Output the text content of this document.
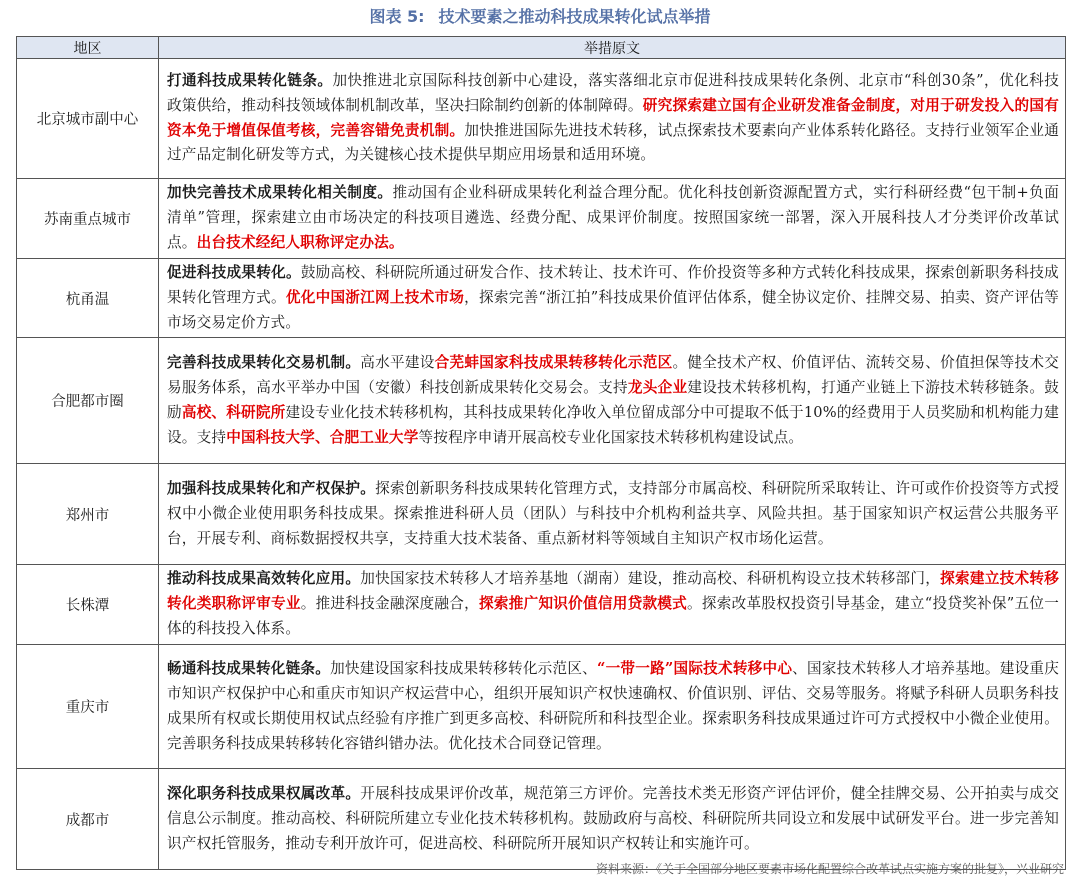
图表 5: 技术要素之推动科技成果转化试点举措
地区	举措原文
北京城市副中心	打通科技成果转化链条。加快推进北京国际科技创新中心建设，落实落细北京市促进科技成果转化条例、北京市“科创30条”，优化科技政策供给，推动科技领域体制机制改革，坚决扫除制约创新的体制障碍。研究探索建立国有企业研发准备金制度，对用于研发投入的国有资本免于增值保值考核，完善容错免责机制。加快推进国际先进技术转移，试点探索技术要素向产业体系转化路径。支持行业领军企业通过产品定制化研发等方式，为关键核心技术提供早期应用场景和适用环境。
苏南重点城市	加快完善技术成果转化相关制度。推动国有企业科研成果转化利益合理分配。优化科技创新资源配置方式，实行科研经费“包干制+负面清单”管理，探索建立由市场决定的科技项目遴选、经费分配、成果评价制度。按照国家统一部署，深入开展科技人才分类评价改革试点。出台技术经纪人职称评定办法。
杭甬温	促进科技成果转化。鼓励高校、科研院所通过研发合作、技术转让、技术许可、作价投资等多种方式转化科技成果，探索创新职务科技成果转化管理方式。优化中国浙江网上技术市场，探索完善“浙江拍”科技成果价值评估体系，健全协议定价、挂牌交易、拍卖、资产评估等市场交易定价方式。
合肥都市圈	完善科技成果转化交易机制。高水平建设合芜蚌国家科技成果转移转化示范区。健全技术产权、价值评估、流转交易、价值担保等技术交易服务体系，高水平举办中国（安徽）科技创新成果转化交易会。支持龙头企业建设技术转移机构，打通产业链上下游技术转移链条。鼓励高校、科研院所建设专业化技术转移机构，其科技成果转化净收入单位留成部分中可提取不低于10%的经费用于人员奖励和机构能力建设。支持中国科技大学、合肥工业大学等按程序申请开展高校专业化国家技术转移机构建设试点。
郑州市	加强科技成果转化和产权保护。探索创新职务科技成果转化管理方式，支持部分市属高校、科研院所采取转让、许可或作价投资等方式授权中小微企业使用职务科技成果。探索推进科研人员（团队）与科技中介机构利益共享、风险共担。基于国家知识产权运营公共服务平台，开展专利、商标数据授权共享，支持重大技术装备、重点新材料等领域自主知识产权市场化运营。
长株潭	推动科技成果高效转化应用。加快国家技术转移人才培养基地（湖南）建设，推动高校、科研机构设立技术转移部门，探索建立技术转移转化类职称评审专业。推进科技金融深度融合，探索推广知识价值信用贷款模式。探索改革股权投资引导基金，建立“投贷奖补保”五位一体的科技投入体系。
重庆市	畅通科技成果转化链条。加快建设国家科技成果转移转化示范区、“一带一路”国际技术转移中心、国家技术转移人才培养基地。建设重庆市知识产权保护中心和重庆市知识产权运营中心，组织开展知识产权快速确权、价值识别、评估、交易等服务。将赋予科研人员职务科技成果所有权或长期使用权试点经验有序推广到更多高校、科研院所和科技型企业。探索职务科技成果通过许可方式授权中小微企业使用。完善职务科技成果转移转化容错纠错办法。优化技术合同登记管理。
成都市	深化职务科技成果权属改革。开展科技成果评价改革，规范第三方评价。完善技术类无形资产评估评价，健全挂牌交易、公开拍卖与成交信息公示制度。推动高校、科研院所建立专业化技术转移机构。鼓励政府与高校、科研院所共同设立和发展中试研发平台。进一步完善知识产权托管服务，推动专利开放许可，促进高校、科研院所开展知识产权转让和实施许可。
资料来源：《关于全国部分地区要素市场化配置综合改革试点实施方案的批复》，兴业研究
